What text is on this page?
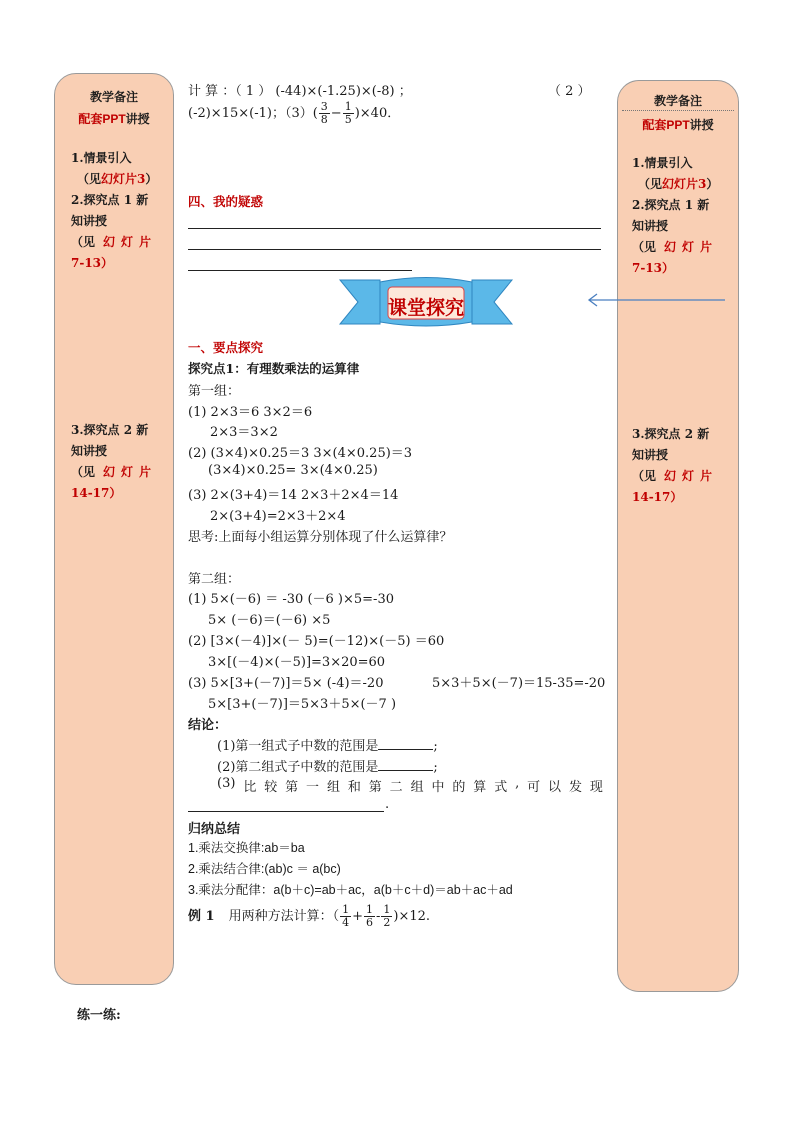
教学备注
配套PPT讲授
1.情景引入
（见幻灯片3）
2.探究点 1 新
知讲授
（见 幻灯片
7-13）
3.探究点 2 新
知讲授
（见 幻灯片
14-17）
教学备注
配套PPT讲授
1.情景引入
（见幻灯片3）
2.探究点 1 新
知讲授
（见 幻灯片
7-13）
3.探究点 2 新
知讲授
（见 幻灯片
14-17）
计 算 ：（ 1 ） (-44)×(-1.25)×(-8) ；	（ 2 ）
(-2)×15×(-1)；$(3)( \frac{3}{8} - \frac{1}{5} )\times 40$．
四、我的疑惑
课堂探究
一、要点探究
探究点1：有理数乘法的运算律
第一组：
(1) 2×3＝6 3×2＝6
2×3＝3×2
(2) (3×4)×0.25＝3 3×(4×0.25)＝3
(3×4)×0.25= 3×(4×0.25)
(3) 2×(3+4)＝14 2×3＋2×4＝14
2×(3+4)=2×3＋2×4
思考:上面每小组运算分别体现了什么运算律？
第二组：
(1) 5×(－6) ＝ -30 (－6 )×5=-30
5× (－6)＝(－6) ×5
(2) [3×(－4)]×(－ 5)=(－12)×(－5) ＝60
3×[(－4)×(－5)]=3×20=60
(3) 5×[3+(－7)]＝5× (-4)＝-20	5×3＋5×(－7)＝15-35=-20
5×[3+(－7)]＝5×3＋5×(－7 )
结论：
(1)第一组式子中数的范围是	;
(2)第二组式子中数的范围是	;
(3) 比 较 第 一 组 和 第 二 组 中 的 算 式 , 可 以 发 现
.
归纳总结
1.乘法交换律:ab＝ba
2.乘法结合律:(ab)c ＝ a(bc)
3.乘法分配律：a(b＋c)=ab＋ac，a(b＋c＋d)＝ab＋ac＋ad
例 1 用两种方法计算：（ $\frac{1}{4} + \frac{1}{6} - \frac{1}{2} )\times 12$.
练一练:
